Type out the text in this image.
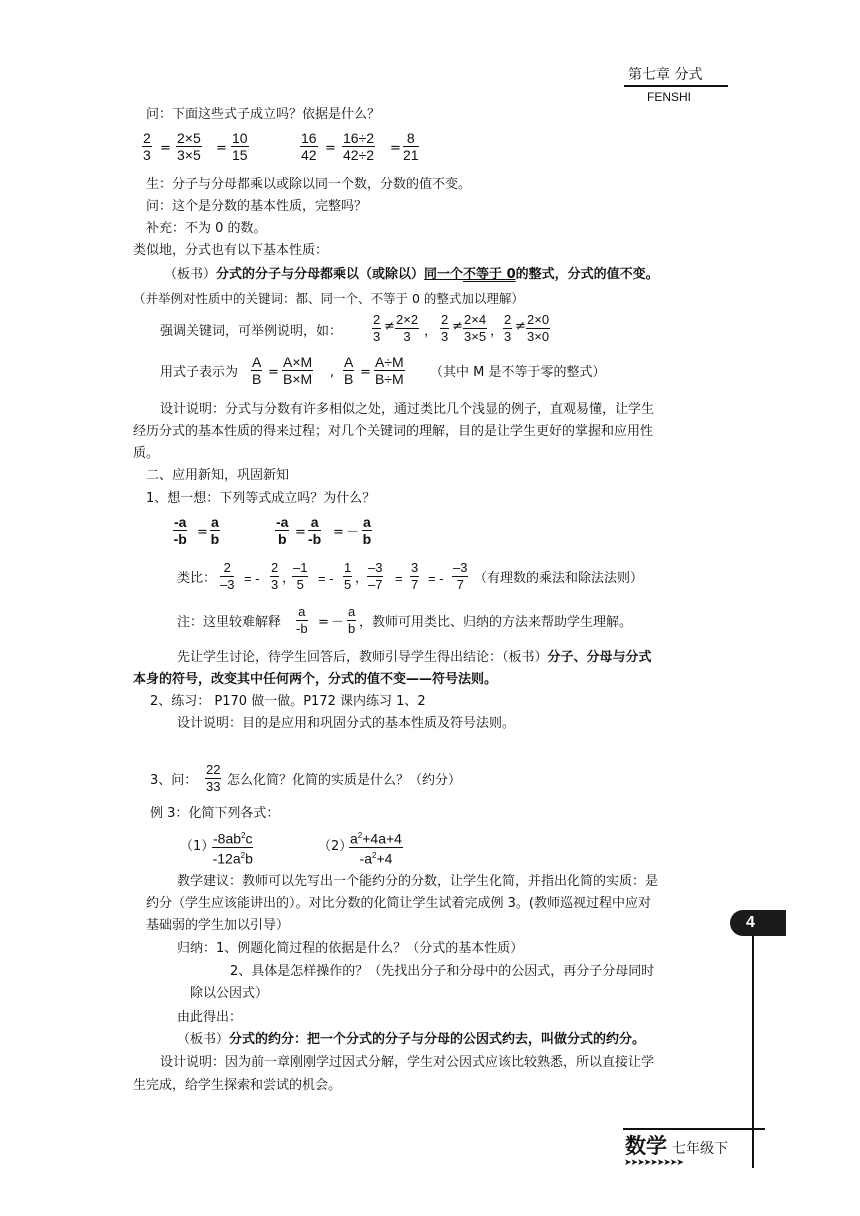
第七章 分式
FENSHI
问：下面这些式子成立吗？依据是什么？
$\frac{2}{3} = \frac{2\times 5}{3\times 5} = \frac{10}{15}$	$\frac{16}{42} = \frac{16\div 2}{42\div 2} = \frac{8}{21}$
生：分子与分母都乘以或除以同一个数，分数的值不变。
问：这个是分数的基本性质，完整吗？
补充：不为 0 的数。
类似地，分式也有以下基本性质：
（板书）分式的分子与分母都乘以（或除以）同一个不等于 0的整式，分式的值不变。
（并举例对性质中的关键词：都、同一个、不等于 0 的整式加以理解）
强调关键词，可举例说明，如： $\frac{2}{3} \ne \frac{2\times 2}{3}$ ， $\frac{2}{3} \ne \frac{2\times 4}{3\times 5}$ ， $\frac{2}{3} \ne \frac{2\times 0}{3\times 0}$
用式子表示为 $\frac{A}{B} = \frac{A\times M}{B\times M}$ , $\frac{A}{B} = \frac{A\div M}{B\div M}$ （其中 M 是不等于零的整式）
设计说明：分式与分数有许多相似之处，通过类比几个浅显的例子，直观易懂，让学生
经历分式的基本性质的得来过程；对几个关键词的理解，目的是让学生更好的掌握和应用性
质。
二、应用新知，巩固新知
1、想一想：下列等式成立吗？为什么？
$\frac{-a}{-b} = \frac{a}{b}$	$\frac{-a}{b} = \frac{a}{-b}$ = － $\frac{a}{b}$
类比： $\frac{2}{-3}$ = - $\frac{2}{3}$ ，
$\frac{-1}{5}$ = - $\frac{1}{5}$ ，
$\frac{-3}{-7} = \frac{3}{7}$ = - $\frac{-3}{7}$ （有理数的乘法和除法法则）
注：这里较难解释 $\frac{a}{-b}$ = － $\frac{a}{b}$ ，教师可用类比、归纳的方法来帮助学生理解。
先让学生讨论，待学生回答后，教师引导学生得出结论：（板书）分子、分母与分式
本身的符号，改变其中任何两个，分式的值不变——符号法则。
2、练习： P170 做一做。P172 课内练习 1、2
设计说明：目的是应用和巩固分式的基本性质及符号法则。
3、问： $\frac{22}{33}$ 怎么化简？化简的实质是什么？（约分）
例 3：化简下列各式：
（1）
$\frac{-8ab^2c}{-12a^2b}$	（2）
$\frac{a^2+4a+4}{-a^2+4}$
教学建议：教师可以先写出一个能约分的分数，让学生化简，并指出化简的实质：是
约分（学生应该能讲出的）。对比分数的化简让学生试着完成例 3。(教师巡视过程中应对
基础弱的学生加以引导）
归纳：1、例题化简过程的依据是什么？（分式的基本性质）
2、具体是怎样操作的？（先找出分子和分母中的公因式，再分子分母同时
除以公因式）
由此得出：
（板书）分式的约分：把一个分式的分子与分母的公因式约去，叫做分式的约分。
设计说明：因为前一章刚刚学过因式分解，学生对公因式应该比较熟悉，所以直接让学
生完成，给学生探索和尝试的机会。
4
数学 七年级下
➤➤➤➤➤➤➤➤➤
